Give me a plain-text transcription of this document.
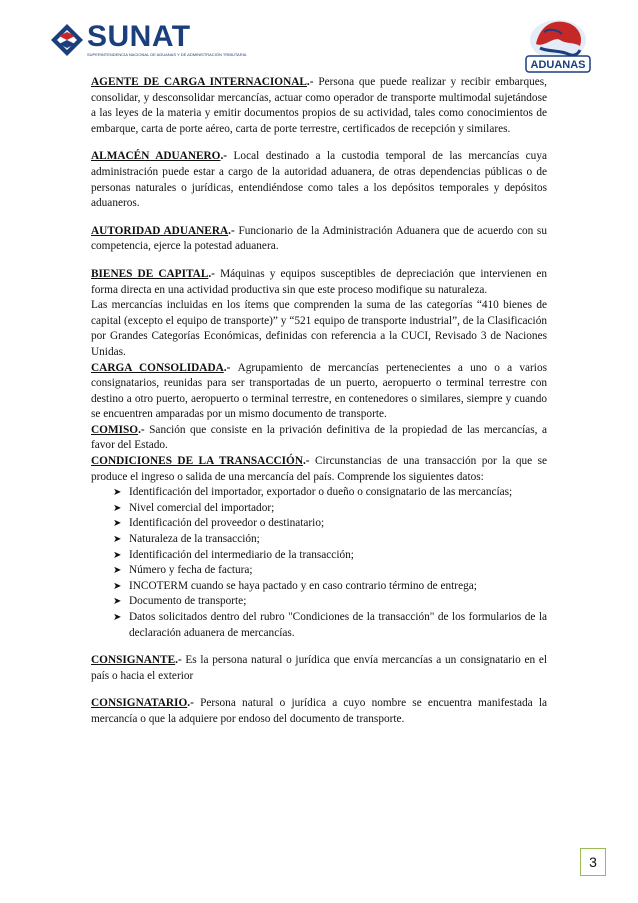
SUNAT
SUPERINTENDENCIA NACIONAL DE ADUANAS Y DE ADMINISTRACIÓN TRIBUTARIA
ADUANAS

AGENTE DE CARGA INTERNACIONAL.- Persona que puede realizar y recibir embarques, consolidar, y desconsolidar mercancías, actuar como operador de transporte multimodal sujetándose a las leyes de la materia y emitir documentos propios de su actividad, tales como conocimientos de embarque, carta de porte aéreo, carta de porte terrestre, certificados de recepción y similares.

ALMACÉN ADUANERO.- Local destinado a la custodia temporal de las mercancías cuya administración puede estar a cargo de la autoridad aduanera, de otras dependencias públicas o de personas naturales o jurídicas, entendiéndose como tales a los depósitos temporales y depósitos aduaneros.

AUTORIDAD ADUANERA.- Funcionario de la Administración Aduanera que de acuerdo con su competencia, ejerce la potestad aduanera.

BIENES DE CAPITAL.- Máquinas y equipos susceptibles de depreciación que intervienen en forma directa en una actividad productiva sin que este proceso modifique su naturaleza.

Las mercancías incluidas en los ítems que comprenden la suma de las categorías “410 bienes de capital (excepto el equipo de transporte)” y “521 equipo de transporte industrial”, de la Clasificación por Grandes Categorías Económicas, definidas con referencia a la CUCI, Revisado 3 de Naciones Unidas.

CARGA CONSOLIDADA.- Agrupamiento de mercancías pertenecientes a uno o a varios consignatarios, reunidas para ser transportadas de un puerto, aeropuerto o terminal terrestre con destino a otro puerto, aeropuerto o terminal terrestre, en contenedores o similares, siempre y cuando se encuentren amparadas por un mismo documento de transporte.

COMISO.- Sanción que consiste en la privación definitiva de la propiedad de las mercancías, a favor del Estado.

CONDICIONES DE LA TRANSACCIÓN.- Circunstancias de una transacción por la que se produce el ingreso o salida de una mercancía del país. Comprende los siguientes datos:

➤ Identificación del importador, exportador o dueño o consignatario de las mercancías;
➤ Nivel comercial del importador;
➤ Identificación del proveedor o destinatario;
➤ Naturaleza de la transacción;
➤ Identificación del intermediario de la transacción;
➤ Número y fecha de factura;
➤ INCOTERM cuando se haya pactado y en caso contrario término de entrega;
➤ Documento de transporte;
➤ Datos solicitados dentro del rubro "Condiciones de la transacción" de los formularios de la declaración aduanera de mercancías.

CONSIGNANTE.- Es la persona natural o jurídica que envía mercancías a un consignatario en el país o hacia el exterior

CONSIGNATARIO.- Persona natural o jurídica a cuyo nombre se encuentra manifestada la mercancía o que la adquiere por endoso del documento de transporte.

3
